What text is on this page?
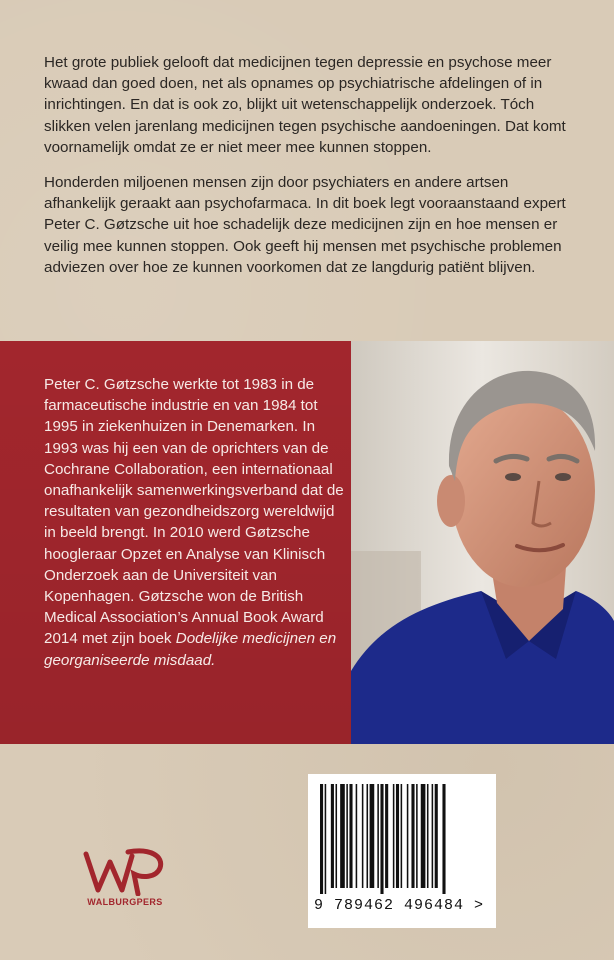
Het grote publiek gelooft dat medicijnen tegen depressie en psychose meer kwaad dan goed doen, net als opnames op psychiatrische afdelingen of in inrichtingen. En dat is ook zo, blijkt uit wetenschappelijk onderzoek. Tóch slikken velen jarenlang medicijnen tegen psychische aandoeningen. Dat komt voornamelijk omdat ze er niet meer mee kunnen stoppen.

Honderden miljoenen mensen zijn door psychiaters en andere artsen afhankelijk geraakt aan psychofarmaca. In dit boek legt vooraanstaand expert Peter C. Gøtzsche uit hoe schadelijk deze medicijnen zijn en hoe mensen er veilig mee kunnen stoppen. Ook geeft hij mensen met psychische problemen adviezen over hoe ze kunnen voorkomen dat ze langdurig patiënt blijven.

Peter C. Gøtzsche werkte tot 1983 in de farmaceutische industrie en van 1984 tot 1995 in ziekenhuizen in Denemarken. In 1993 was hij een van de oprichters van de Cochrane Collaboration, een internationaal onafhankelijk samenwerkingsverband dat de resultaten van gezondheidszorg wereldwijd in beeld brengt. In 2010 werd Gøtzsche hoogleraar Opzet en Analyse van Klinisch Onderzoek aan de Universiteit van Kopenhagen. Gøtzsche won de British Medical Association’s Annual Book Award 2014 met zijn boek Dodelijke medicijnen en georganiseerde misdaad.
WALBURGPERS	9 789462 496484 >
